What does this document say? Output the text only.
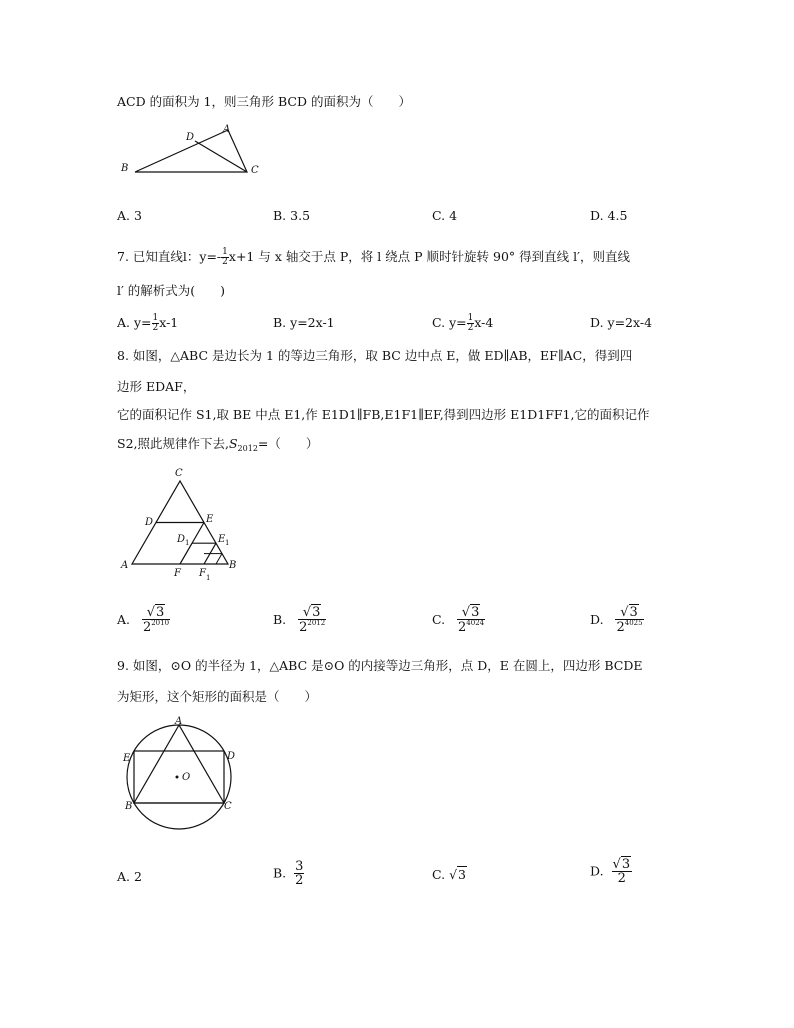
ACD 的面积为 1，则三角形 BCD 的面积为（　　）
A
B	C
D
A. 3	B. 3.5	C. 4	D. 4.5
7. 已知直线l：$y=- \frac{1}{2} x+1$ 与 x 轴交于点 P，将 l 绕点 P 顺时针旋转 90° 得到直线 l′，则直线
l′ 的解析式为(　　)
A. $y= \frac{1}{2} x-1$	B. y=2x-1	C. $y= \frac{1}{2} x-4$	D. y=2x-4
8. 如图，△ABC 是边长为 1 的等边三角形，取 BC 边中点 E，做 ED∥AB，EF∥AC，得到四
边形 EDAF，
它的面积记作 S1,取 BE 中点 E1,作 E1D1∥FB,E1F1∥EF,得到四边形 E1D1FF1,它的面积记作
S2,照此规律作下去$,S_{2012}=$（　　）
C
D	E
D 1	E 1
A
F F 1
B
A. $\frac{√3}{2^{2010}}$	B. $\frac{√3}{2^{2012}}$	C. $\frac{√3}{2^{4024}}$	D. $\frac{√3}{2^{4025}}$
9. 如图，⊙O 的半径为 1，△ABC 是⊙O 的内接等边三角形，点 D，E 在圆上，四边形 BCDE
为矩形，这个矩形的面积是（　　）
A
E	D
O
B	C
A. 2	B. $\frac{3}{2}$	C. √3	D. $\frac{√3}{2}$
